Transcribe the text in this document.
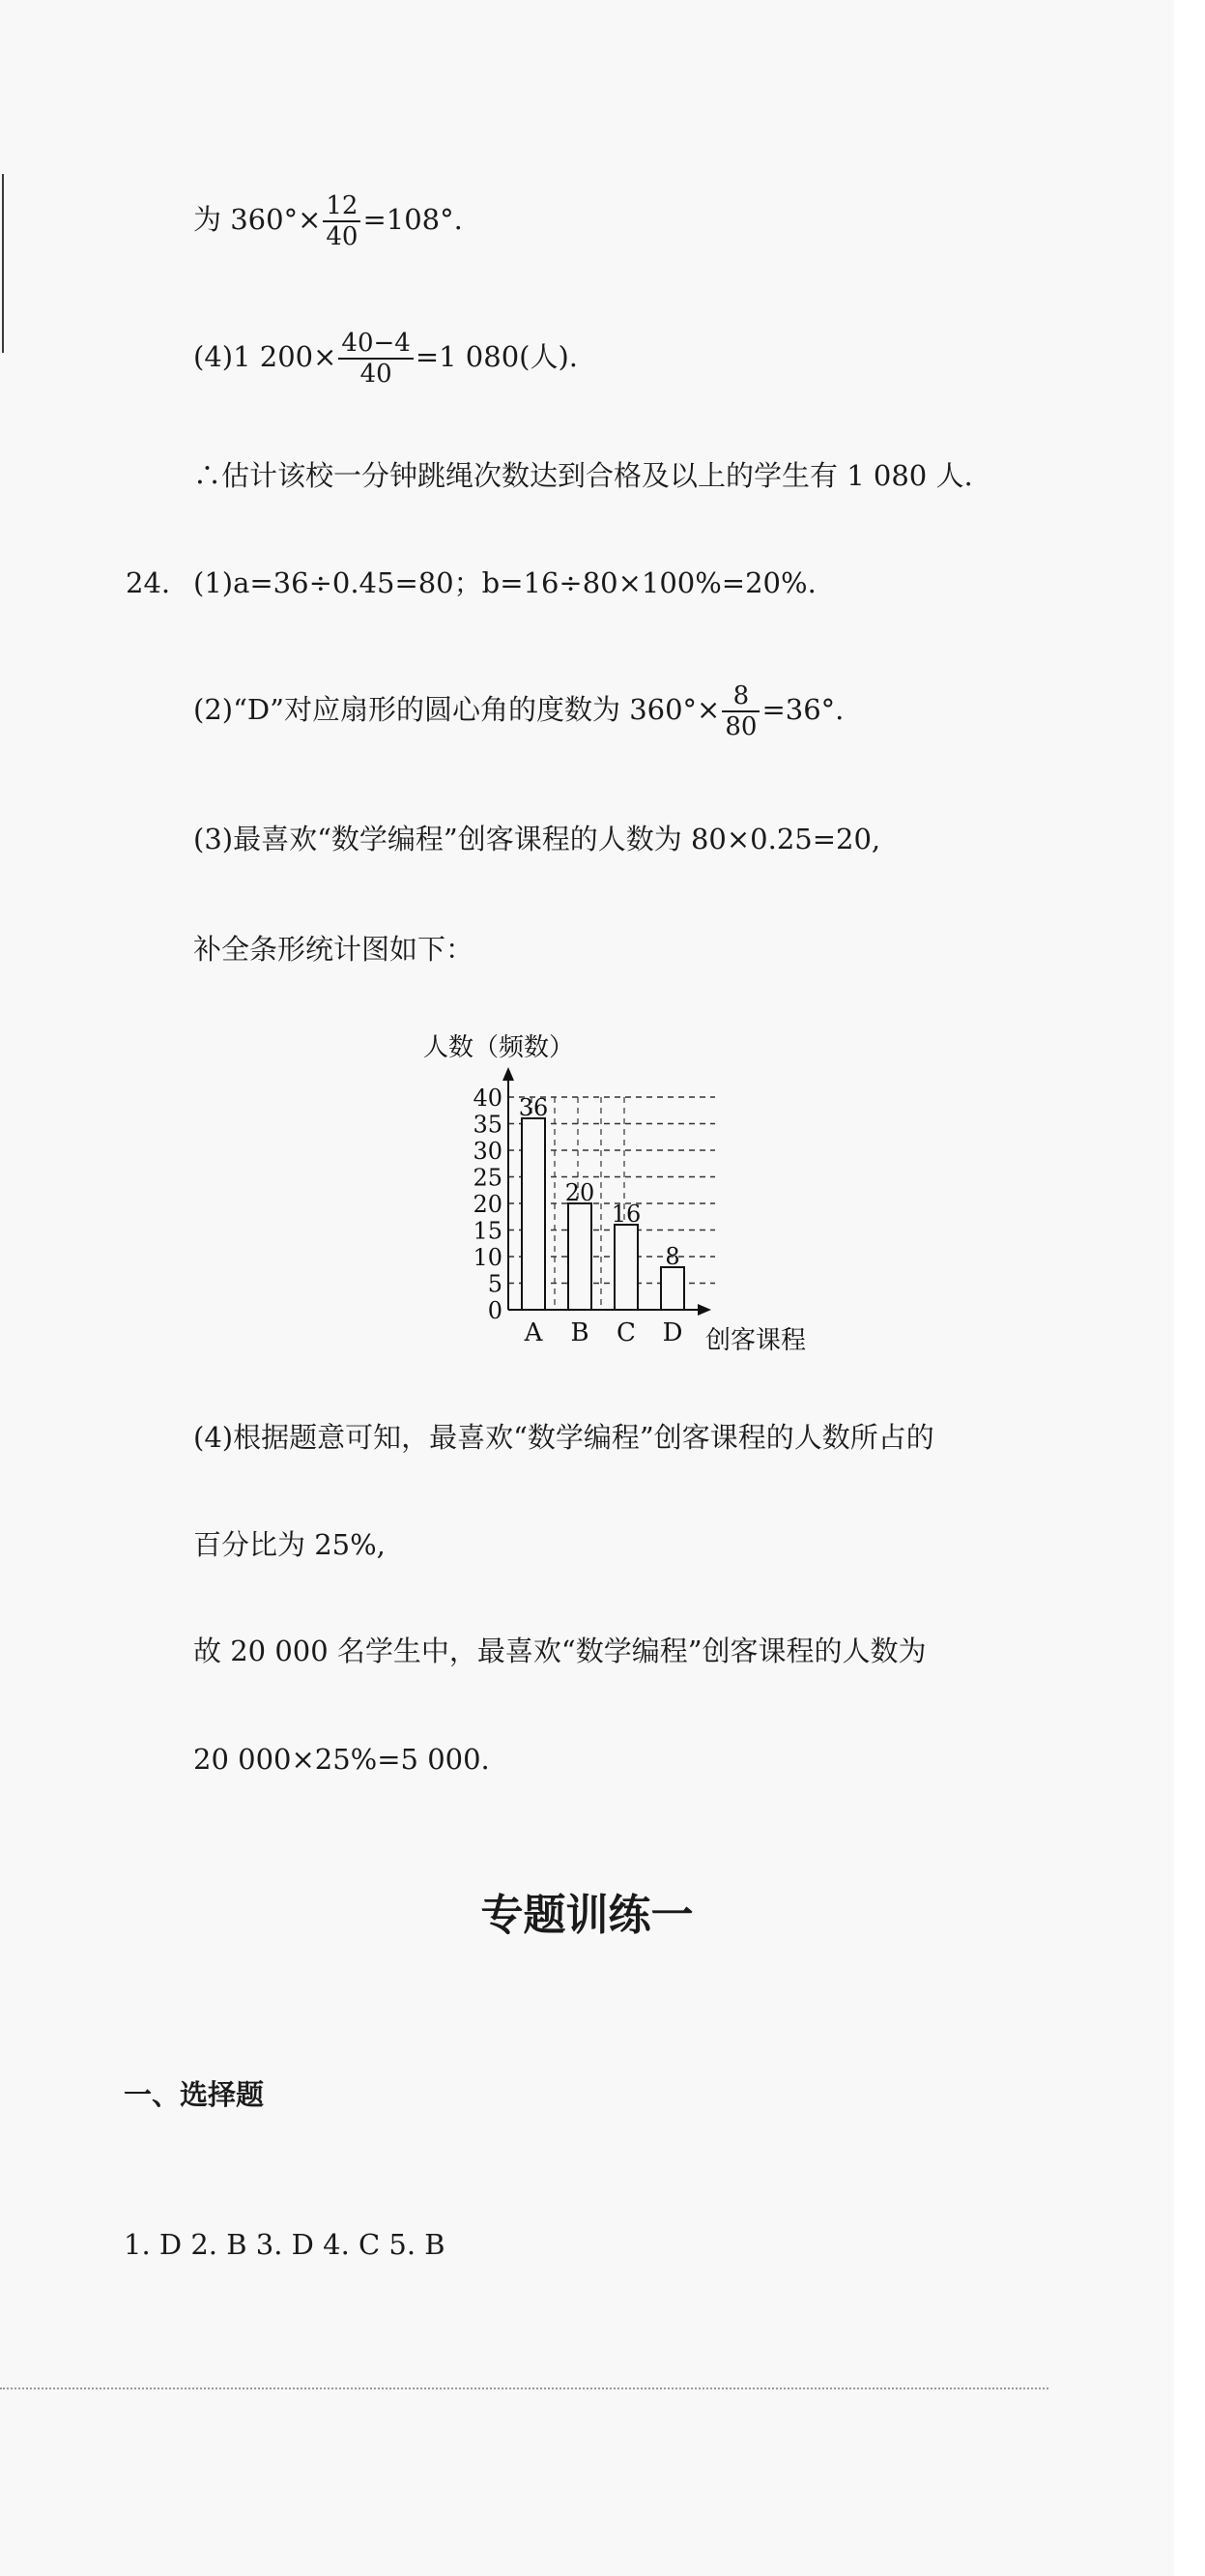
为 $360^\circ\times \frac{12}{40} =108^\circ$.
(4)1 $200\times \frac{40-4}{40} =1$ 080(人).
∴估计该校一分钟跳绳次数达到合格及以上的学生有 1 080 人.
24. (1)a=36÷0.45=80；b=16÷80×100%=20%.
(2)“D”对应扇形的圆心角的度数为 $360^\circ\times \frac{8}{80} =36^\circ$.
(3)最喜欢“数学编程”创客课程的人数为 80×0.25=20,
补全条形统计图如下：
0
5
10
15
20
25
30
35
40 36
A
20
B
16
C
8
D
人数（频数）
创客课程
(4)根据题意可知，最喜欢“数学编程”创客课程的人数所占的
百分比为 25%,
故 20 000 名学生中，最喜欢“数学编程”创客课程的人数为
20 000×25%=5 000.
专题训练一
一、选择题
1. D 2. B 3. D 4. C 5. B
